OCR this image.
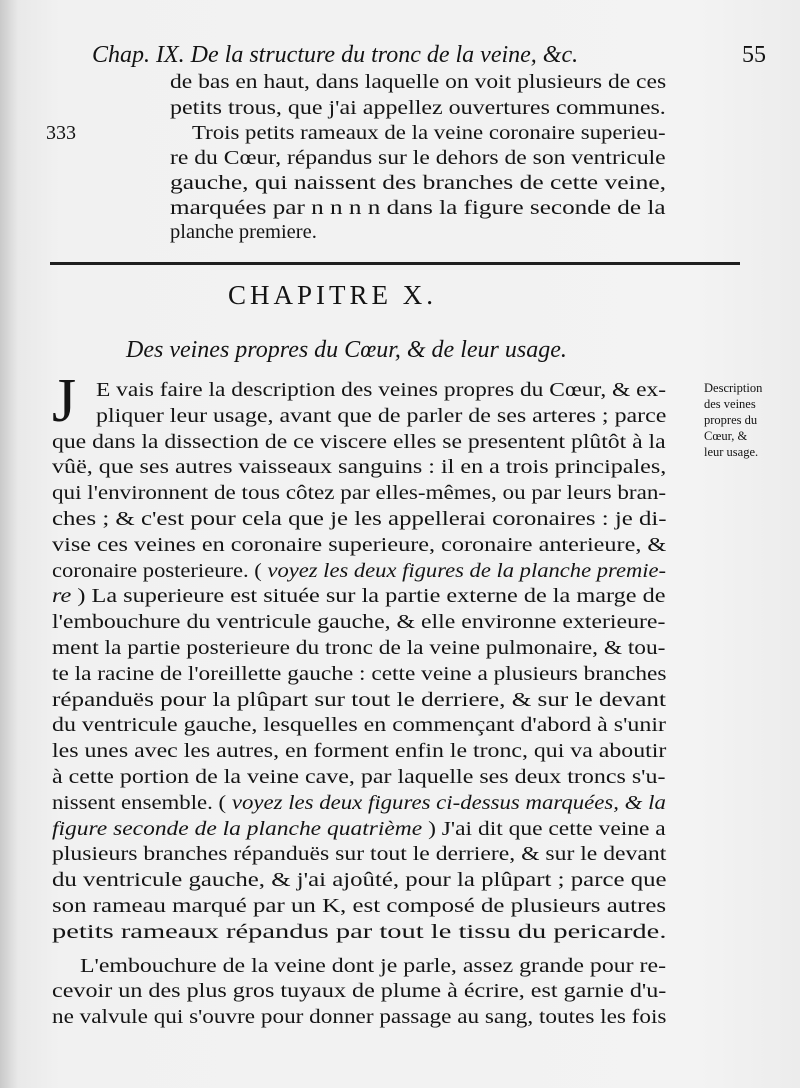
Chap. IX. De la structure du tronc de la veine, &c.	55
333
de bas en haut, dans laquelle on voit plusieurs de ces
petits trous, que j'ai appellez ouvertures communes.
Trois petits rameaux de la veine coronaire superieu-
re du Cœur, répandus sur le dehors de son ventricule
gauche, qui naissent des branches de cette veine,
marquées par n n n n dans la figure seconde de la
planche premiere.
CHAPITRE X.
Des veines propres du Cœur, & de leur usage.
J	Description
des veines
propres du
Cœur, &
leur usage.
E vais faire la description des veines propres du Cœur, & ex-
pliquer leur usage, avant que de parler de ses arteres ; parce
que dans la dissection de ce viscere elles se presentent plûtôt à la
vûë, que ses autres vaisseaux sanguins : il en a trois principales,
qui l'environnent de tous côtez par elles-mêmes, ou par leurs bran-
ches ; & c'est pour cela que je les appellerai coronaires : je di-
vise ces veines en coronaire superieure, coronaire anterieure, &
coronaire posterieure. ( voyez les deux figures de la planche premie-
re ) La superieure est située sur la partie externe de la marge de
l'embouchure du ventricule gauche, & elle environne exterieure-
ment la partie posterieure du tronc de la veine pulmonaire, & tou-
te la racine de l'oreillette gauche : cette veine a plusieurs branches
répanduës pour la plûpart sur tout le derriere, & sur le devant
du ventricule gauche, lesquelles en commençant d'abord à s'unir
les unes avec les autres, en forment enfin le tronc, qui va aboutir
à cette portion de la veine cave, par laquelle ses deux troncs s'u-
nissent ensemble. ( voyez les deux figures ci-dessus marquées, & la
figure seconde de la planche quatrième ) J'ai dit que cette veine a
plusieurs branches répanduës sur tout le derriere, & sur le devant
du ventricule gauche, & j'ai ajoûté, pour la plûpart ; parce que
son rameau marqué par un K, est composé de plusieurs autres
petits rameaux répandus par tout le tissu du pericarde.
L'embouchure de la veine dont je parle, assez grande pour re-
cevoir un des plus gros tuyaux de plume à écrire, est garnie d'u-
ne valvule qui s'ouvre pour donner passage au sang, toutes les fois
